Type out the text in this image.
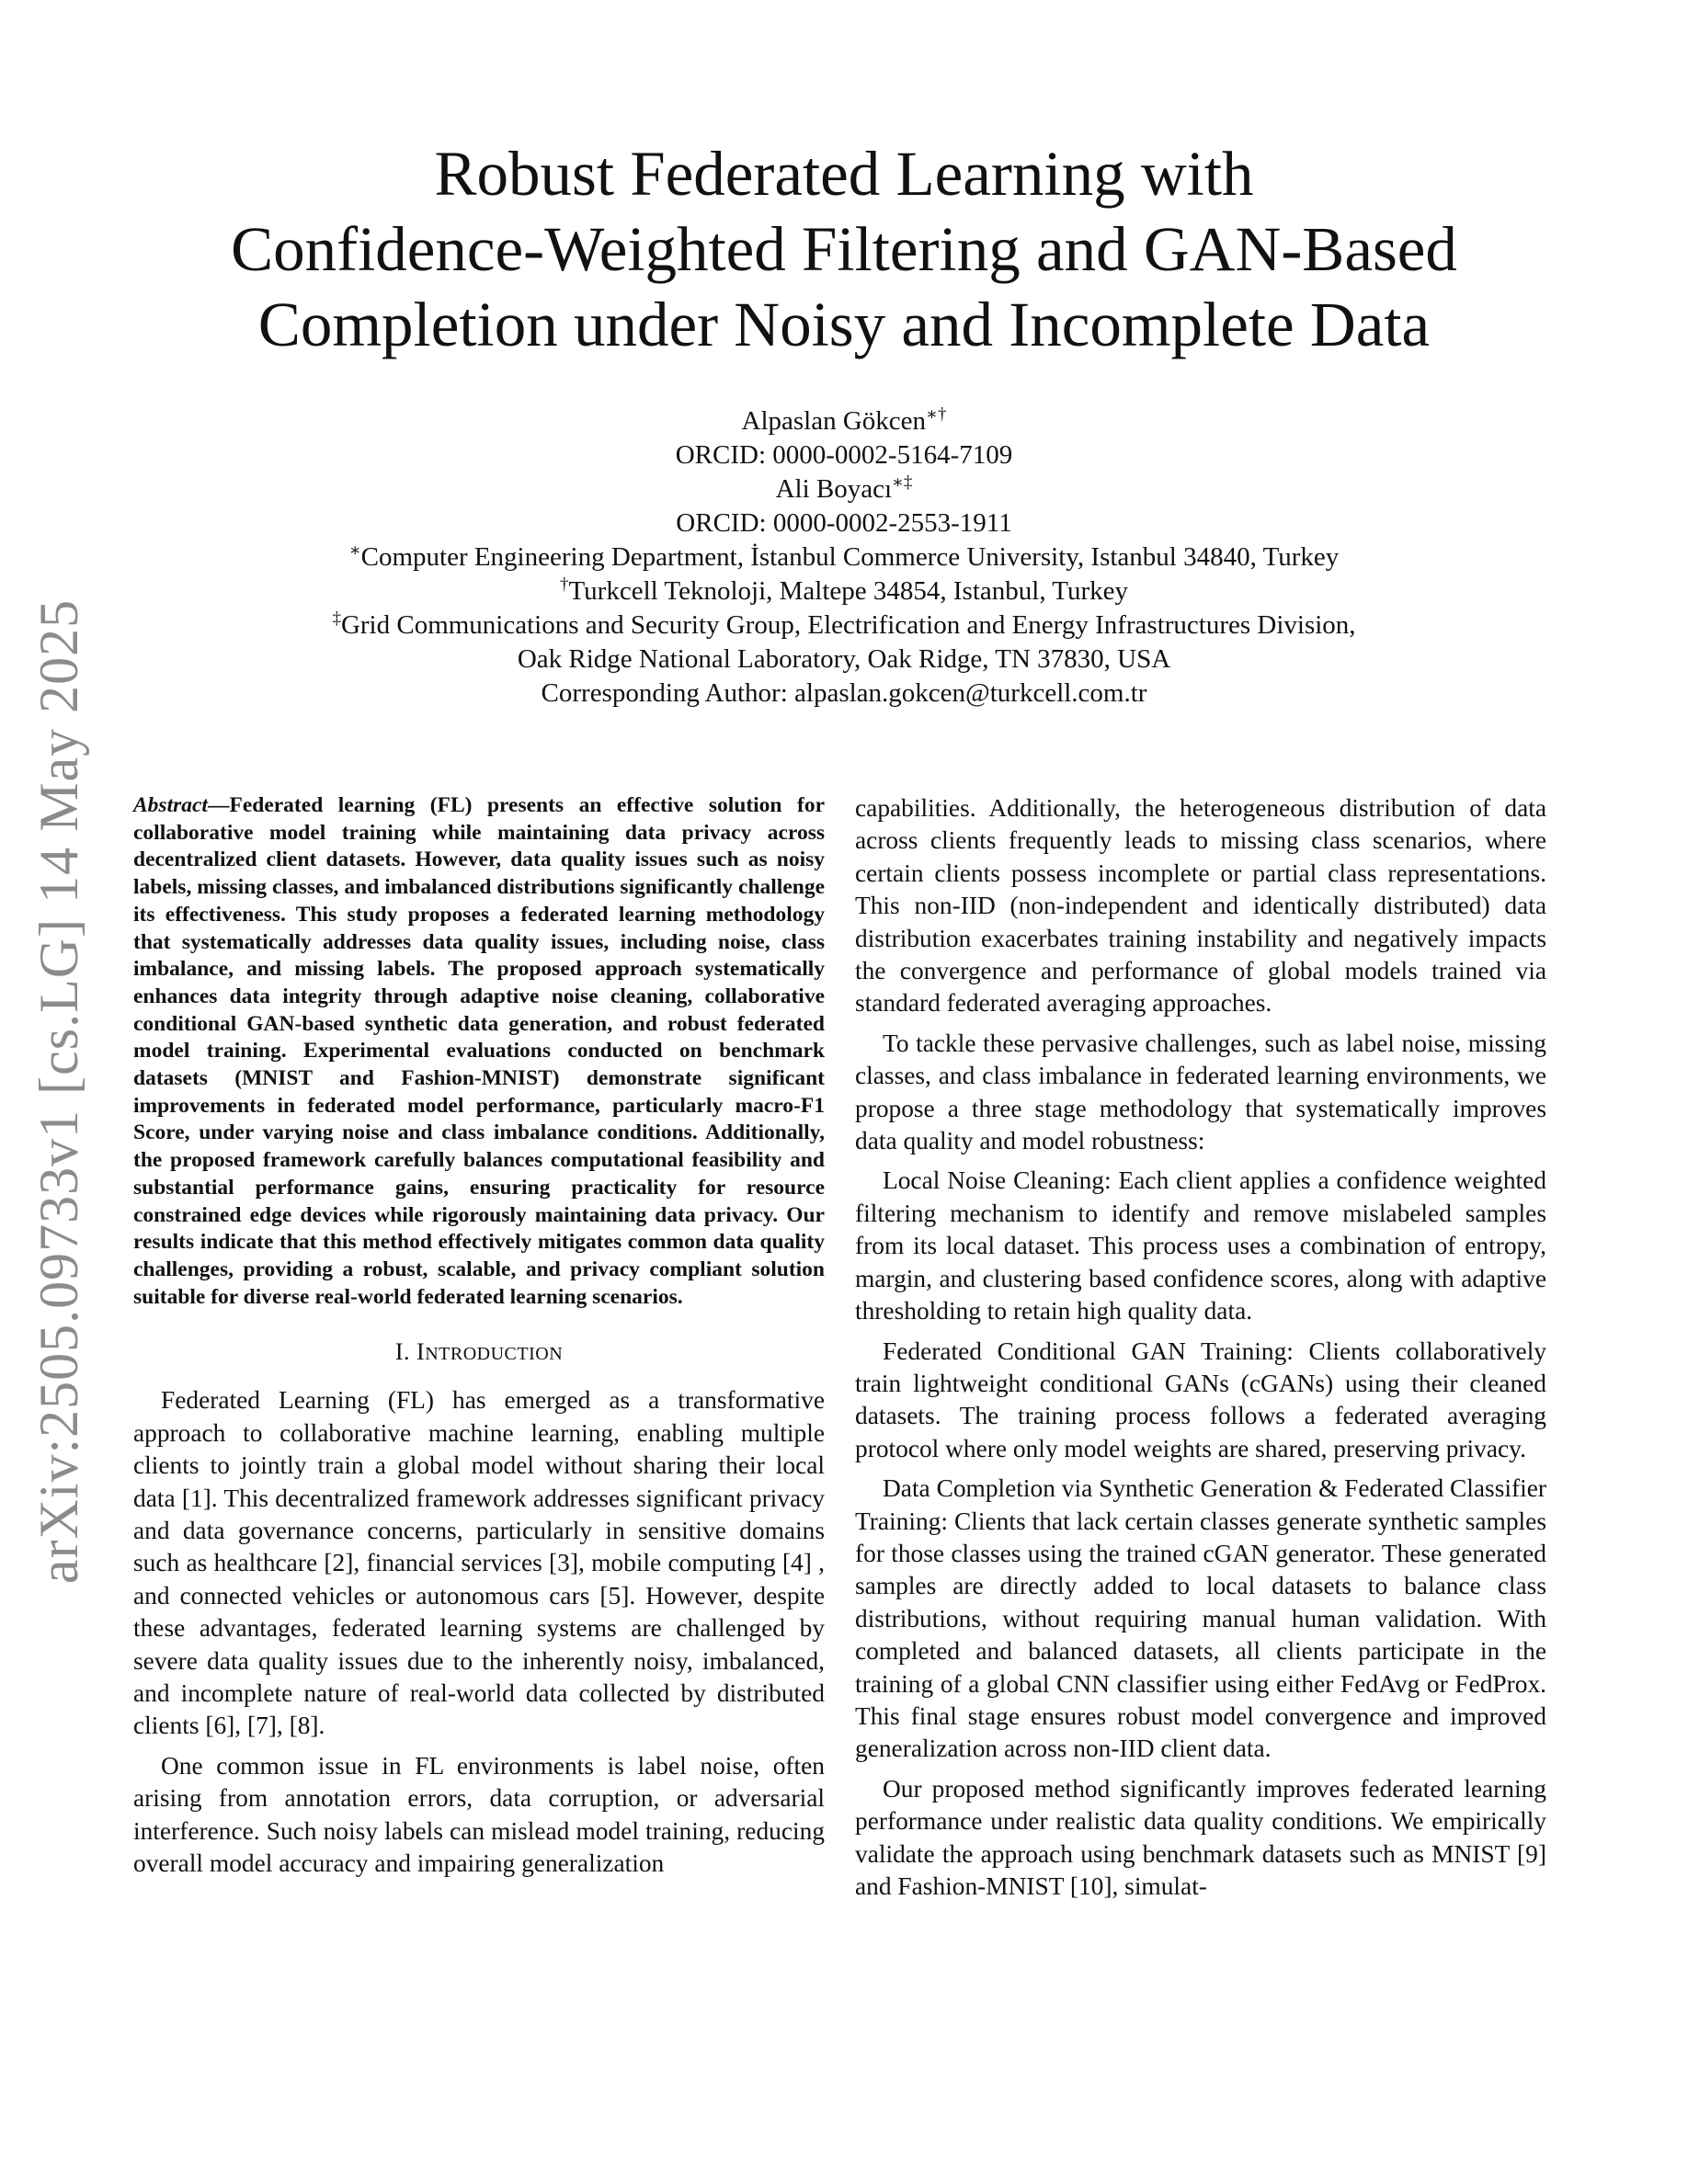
arXiv:2505.09733v1 [cs.LG] 14 May 2025
Robust Federated Learning with
Confidence-Weighted Filtering and GAN-Based
Completion under Noisy and Incomplete Data
Alpaslan Gökcen∗†
ORCID: 0000-0002-5164-7109
Ali Boyacı∗‡
ORCID: 0000-0002-2553-1911
∗Computer Engineering Department, İstanbul Commerce University, Istanbul 34840, Turkey
†Turkcell Teknoloji, Maltepe 34854, Istanbul, Turkey
‡Grid Communications and Security Group, Electrification and Energy Infrastructures Division,
Oak Ridge National Laboratory, Oak Ridge, TN 37830, USA
Corresponding Author: alpaslan.gokcen@turkcell.com.tr

Abstract—Federated learning (FL) presents an effective solution for collaborative model training while maintaining data privacy across decentralized client datasets. However, data quality issues such as noisy labels, missing classes, and imbalanced distributions significantly challenge its effectiveness. This study proposes a federated learning methodology that systematically addresses data quality issues, including noise, class imbalance, and missing labels. The proposed approach systematically enhances data integrity through adaptive noise cleaning, collaborative conditional GAN-based synthetic data generation, and robust federated model training. Experimental evaluations conducted on benchmark datasets (MNIST and Fashion-MNIST) demonstrate significant improvements in federated model performance, particularly macro-F1 Score, under varying noise and class imbalance conditions. Additionally, the proposed framework carefully balances computational feasibility and substantial performance gains, ensuring practicality for resource constrained edge devices while rigorously maintaining data privacy. Our results indicate that this method effectively mitigates common data quality challenges, providing a robust, scalable, and privacy compliant solution suitable for diverse real-world federated learning scenarios.

I. INTRODUCTION

Federated Learning (FL) has emerged as a transformative approach to collaborative machine learning, enabling multiple clients to jointly train a global model without sharing their local data [1]. This decentralized framework addresses significant privacy and data governance concerns, particularly in sensitive domains such as healthcare [2], financial services [3], mobile computing [4] , and connected vehicles or autonomous cars [5]. However, despite these advantages, federated learning systems are challenged by severe data quality issues due to the inherently noisy, imbalanced, and incomplete nature of real-world data collected by distributed clients [6], [7], [8].

One common issue in FL environments is label noise, often arising from annotation errors, data corruption, or adversarial interference. Such noisy labels can mislead model training, reducing overall model accuracy and impairing generalization

capabilities. Additionally, the heterogeneous distribution of data across clients frequently leads to missing class scenarios, where certain clients possess incomplete or partial class representations. This non-IID (non-independent and identically distributed) data distribution exacerbates training instability and negatively impacts the convergence and performance of global models trained via standard federated averaging approaches.

To tackle these pervasive challenges, such as label noise, missing classes, and class imbalance in federated learning environments, we propose a three stage methodology that systematically improves data quality and model robustness:

Local Noise Cleaning: Each client applies a confidence weighted filtering mechanism to identify and remove mislabeled samples from its local dataset. This process uses a combination of entropy, margin, and clustering based confidence scores, along with adaptive thresholding to retain high quality data.

Federated Conditional GAN Training: Clients collaboratively train lightweight conditional GANs (cGANs) using their cleaned datasets. The training process follows a federated averaging protocol where only model weights are shared, preserving privacy.

Data Completion via Synthetic Generation & Federated Classifier Training: Clients that lack certain classes generate synthetic samples for those classes using the trained cGAN generator. These generated samples are directly added to local datasets to balance class distributions, without requiring manual human validation. With completed and balanced datasets, all clients participate in the training of a global CNN classifier using either FedAvg or FedProx. This final stage ensures robust model convergence and improved generalization across non-IID client data.

Our proposed method significantly improves federated learning performance under realistic data quality conditions. We empirically validate the approach using benchmark datasets such as MNIST [9] and Fashion-MNIST [10], simulat-
